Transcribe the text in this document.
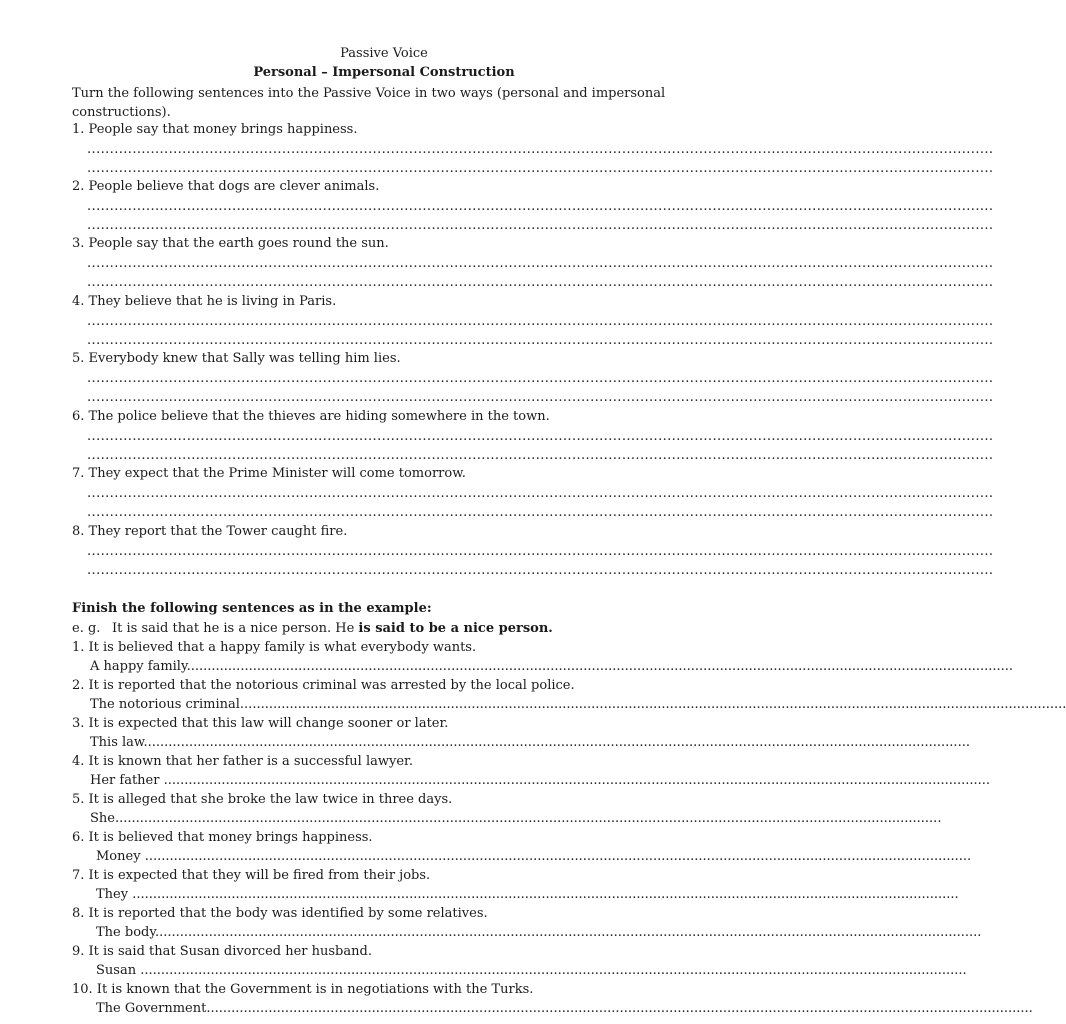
Passive Voice
Personal – Impersonal Construction
Turn the following sentences into the Passive Voice in two ways (personal and impersonal constructions).
1. People say that money brings happiness.
........................................................................................................................................................................................................
........................................................................................................................................................................................................
2. People believe that dogs are clever animals.
........................................................................................................................................................................................................
........................................................................................................................................................................................................
3. People say that the earth goes round the sun.
........................................................................................................................................................................................................
........................................................................................................................................................................................................
4. They believe that he is living in Paris.
........................................................................................................................................................................................................
........................................................................................................................................................................................................
5. Everybody knew that Sally was telling him lies.
........................................................................................................................................................................................................
........................................................................................................................................................................................................
6. The police believe that the thieves are hiding somewhere in the town.
........................................................................................................................................................................................................
........................................................................................................................................................................................................
7. They expect that the Prime Minister will come tomorrow.
........................................................................................................................................................................................................
........................................................................................................................................................................................................
8. They report that the Tower caught fire.
........................................................................................................................................................................................................
........................................................................................................................................................................................................
Finish the following sentences as in the example:
e. g. It is said that he is a nice person. He is said to be a nice person.
1. It is believed that a happy family is what everybody wants.
A happy family........................................................................................................................................................................................................
2. It is reported that the notorious criminal was arrested by the local police.
The notorious criminal........................................................................................................................................................................................................
3. It is expected that this law will change sooner or later.
This law........................................................................................................................................................................................................
4. It is known that her father is a successful lawyer.
Her father ........................................................................................................................................................................................................
5. It is alleged that she broke the law twice in three days.
She........................................................................................................................................................................................................
6. It is believed that money brings happiness.
Money ........................................................................................................................................................................................................
7. It is expected that they will be fired from their jobs.
They ........................................................................................................................................................................................................
8. It is reported that the body was identified by some relatives.
The body........................................................................................................................................................................................................
9. It is said that Susan divorced her husband.
Susan ........................................................................................................................................................................................................
10. It is known that the Government is in negotiations with the Turks.
The Government........................................................................................................................................................................................................
